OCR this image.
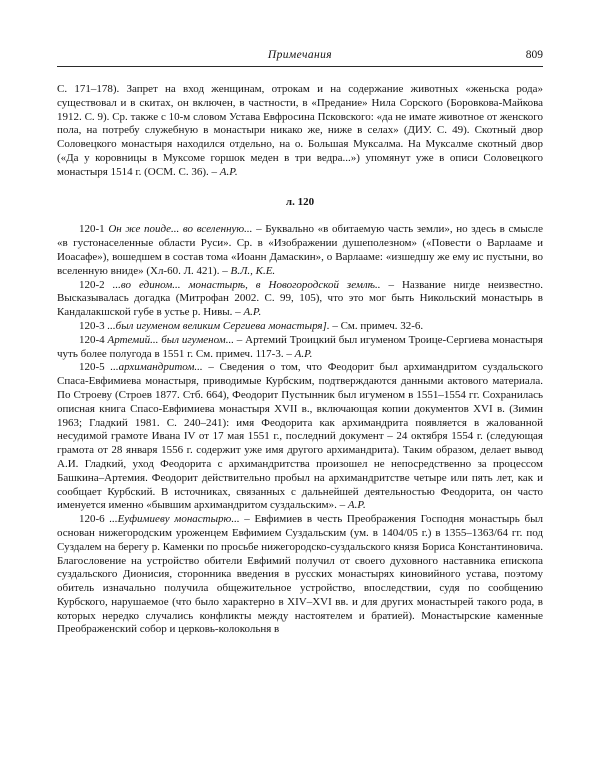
Примечания	809

С. 171–178). Запрет на вход женщинам, отрокам и на содержание животных «женьска рода» существовал и в скитах, он включен, в частности, в «Предание» Нила Сорского (Боровкова-Майкова 1912. С. 9). Ср. также с 10-м словом Устава Евфросина Псковского: «да не имате животное от женского пола, на потребу служебную в монастыри никако же, ниже в селах» (ДИУ. С. 49). Скотный двор Соловецкого монастыря находился отдельно, на о. Большая Муксалма. На Муксалме скотный двор («Да у коровницы в Муксоме горшок меден в три ведра...») упомянут уже в описи Соловецкого монастыря 1514 г. (ОСМ. С. 36). – А.Р.

л. 120

120-1 Он же поиде... во вселенную... – Буквально «в обитаемую часть земли», но здесь в смысле «в густонаселенные области Руси». Ср. в «Изображении душеполезном» («Повести о Варлааме и Иоасафе»), вошедшем в состав тома «Иоанн Дамаскин», о Варлааме: «изшедшу же ему ис пустыни, во вселенную вниде» (Хл-60. Л. 421). – В.Л., К.Е.

120-2 ...во едином... монастырѣ, в Новогородской землѣ.. – Название нигде неизвестно. Высказывалась догадка (Митрофан 2002. С. 99, 105), что это мог быть Никольский монастырь в Кандалакшской губе в устье р. Нивы. – А.Р.

120-3 ...был игуменом великим Сергиева монастыря]. – См. примеч. 32-6.

120-4 Артемий... был игуменом... – Артемий Троицкий был игуменом Троице-Сергиева монастыря чуть более полугода в 1551 г. См. примеч. 117-3. – А.Р.

120-5 ...архимандритом... – Сведения о том, что Феодорит был архимандритом суздальского Спаса-Евфимиева монастыря, приводимые Курбским, подтверждаются данными актового материала. По Строеву (Строев 1877. Стб. 664), Феодорит Пустынник был игуменом в 1551–1554 гг. Сохранилась описная книга Спасо-Евфимиева монастыря XVII в., включающая копии документов XVI в. (Зимин 1963; Гладкий 1981. С. 240–241): имя Феодорита как архимандрита появляется в жалованной несудимой грамоте Ивана IV от 17 мая 1551 г., последний документ – 24 октября 1554 г. (следующая грамота от 28 января 1556 г. содержит уже имя другого архимандрита). Таким образом, делает вывод А.И. Гладкий, уход Феодорита с архимандритства произошел не непосредственно за процессом Башкина–Артемия. Феодорит действительно пробыл на архимандритстве четыре или пять лет, как и сообщает Курбский. В источниках, связанных с дальнейшей деятельностью Феодорита, он часто именуется именно «бывшим архимандритом суздальским». – А.Р.

120-6 ...Еуфимиеву монастырю... – Евфимиев в честь Преображения Господня монастырь был основан нижегородским уроженцем Евфимием Суздальским (ум. в 1404/05 г.) в 1355–1363/64 гг. под Суздалем на берегу р. Каменки по просьбе нижегородско-суздальского князя Бориса Константиновича. Благословение на устройство обители Евфимий получил от своего духовного наставника епископа суздальского Дионисия, сторонника введения в русских монастырях киновийного устава, поэтому обитель изначально получила общежительное устройство, впоследствии, судя по сообщению Курбского, нарушаемое (что было характерно в XIV–XVI вв. и для других монастырей такого рода, в которых нередко случались конфликты между настоятелем и братией). Монастырские каменные Преображенский собор и церковь-колокольня в
